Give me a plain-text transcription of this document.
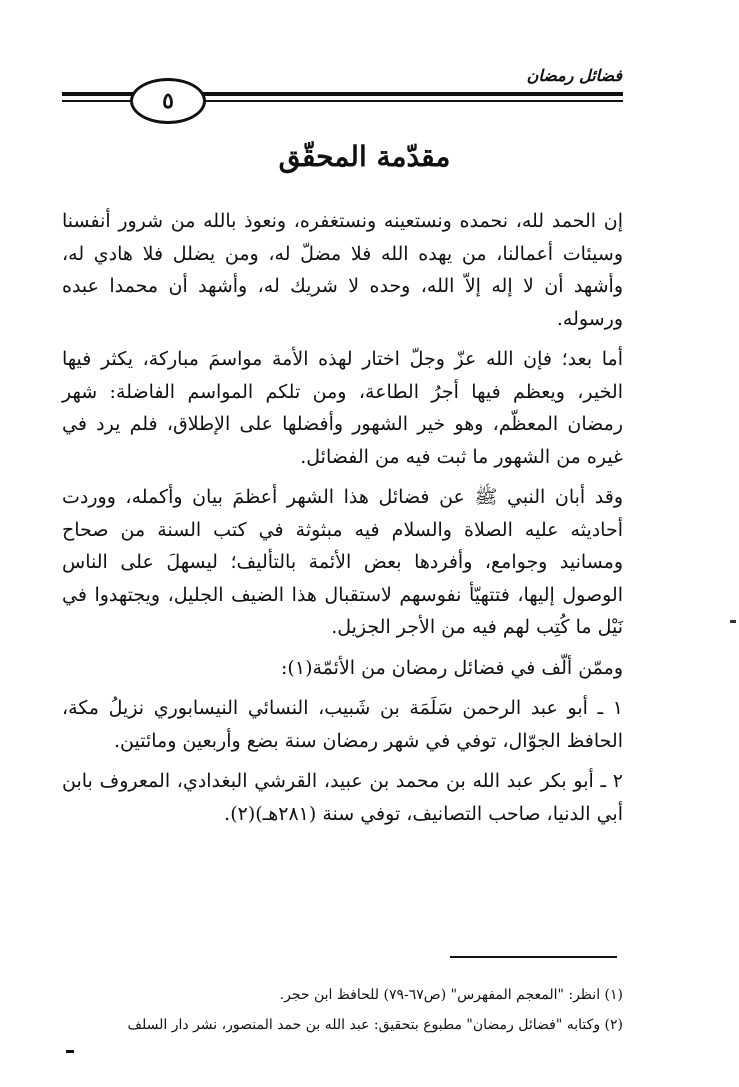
فضائل رمضان
٥
مقدّمة المحقّق

إن الحمد لله، نحمده ونستعينه ونستغفره، ونعوذ بالله من شرور أنفسنا وسيئات أعمالنا، من يهده الله فلا مضلّ له، ومن يضلل فلا هادي له، وأشهد أن لا إله إلاّ الله، وحده لا شريك له، وأشهد أن محمدا عبده ورسوله.

أما بعد؛ فإن الله عزّ وجلّ اختار لهذه الأمة مواسمَ مباركة، يكثر فيها الخير، ويعظم فيها أجرُ الطاعة، ومن تلكم المواسم الفاضلة: شهر رمضان المعظّم، وهو خير الشهور وأفضلها على الإطلاق، فلم يرد في غيره من الشهور ما ثبت فيه من الفضائل.

وقد أبان النبي ﷺ عن فضائل هذا الشهر أعظمَ بيان وأكمله، ووردت أحاديثه عليه الصلاة والسلام فيه مبثوثة في كتب السنة من صحاح ومسانيد وجوامع، وأفردها بعض الأئمة بالتأليف؛ ليسهلَ على الناس الوصول إليها، فتتهيّأ نفوسهم لاستقبال هذا الضيف الجليل، ويجتهدوا في نَيْل ما كُتِب لهم فيه من الأجر الجزيل.

وممّن ألّف في فضائل رمضان من الأئمّة(١):

١ ـ أبو عبد الرحمن سَلَمَة بن شَبيب، النسائي النيسابوري نزيلُ مكة، الحافظ الجوّال، توفي في شهر رمضان سنة بضع وأربعين ومائتين.

٢ ـ أبو بكر عبد الله بن محمد بن عبيد، القرشي البغدادي، المعروف بابن أبي الدنيا، صاحب التصانيف، توفي سنة (٢٨١هـ)(٢).

(١) انظر: "المعجم المفهرس" (ص٦٧-٧٩) للحافظ ابن حجر.

(٢) وكتابه "فضائل رمضان" مطبوع بتحقيق: عبد الله بن حمد المنصور، نشر دار السلف
